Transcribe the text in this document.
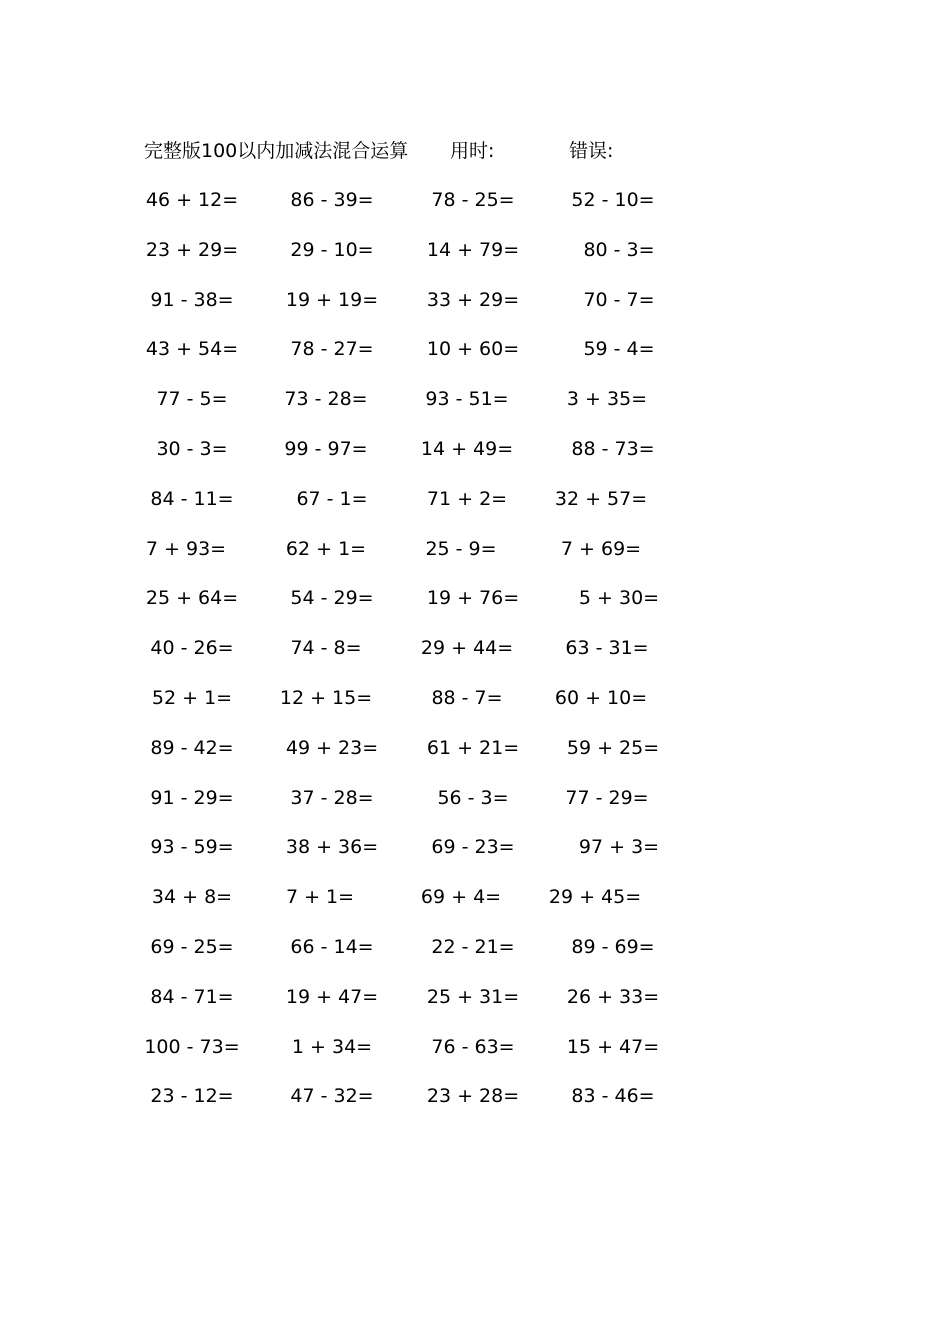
完整版100以内加减法混合运算 用时:	错误:
46 + 12=	86 - 39=	78 - 25=	52 - 10=
23 + 29=	29 - 10=	14 + 79=	80 - 3=
91 - 38=	19 + 19=	33 + 29=	70 - 7=
43 + 54=	78 - 27=	10 + 60=	59 - 4=
77 - 5=	73 - 28=	93 - 51=	3 + 35=
30 - 3=	99 - 97=	14 + 49=	88 - 73=
84 - 11=	67 - 1=	71 + 2=	32 + 57=
7 + 93=	62 + 1=	25 - 9=	7 + 69=
25 + 64=	54 - 29=	19 + 76=	5 + 30=
40 - 26=	74 - 8=	29 + 44=	63 - 31=
52 + 1=	12 + 15=	88 - 7=	60 + 10=
89 - 42=	49 + 23=	61 + 21=	59 + 25=
91 - 29=	37 - 28=	56 - 3=	77 - 29=
93 - 59=	38 + 36=	69 - 23=	97 + 3=
34 + 8=	7 + 1=	69 + 4=	29 + 45=
69 - 25=	66 - 14=	22 - 21=	89 - 69=
84 - 71=	19 + 47=	25 + 31=	26 + 33=
100 - 73=	1 + 34=	76 - 63=	15 + 47=
23 - 12=	47 - 32=	23 + 28=	83 - 46=
